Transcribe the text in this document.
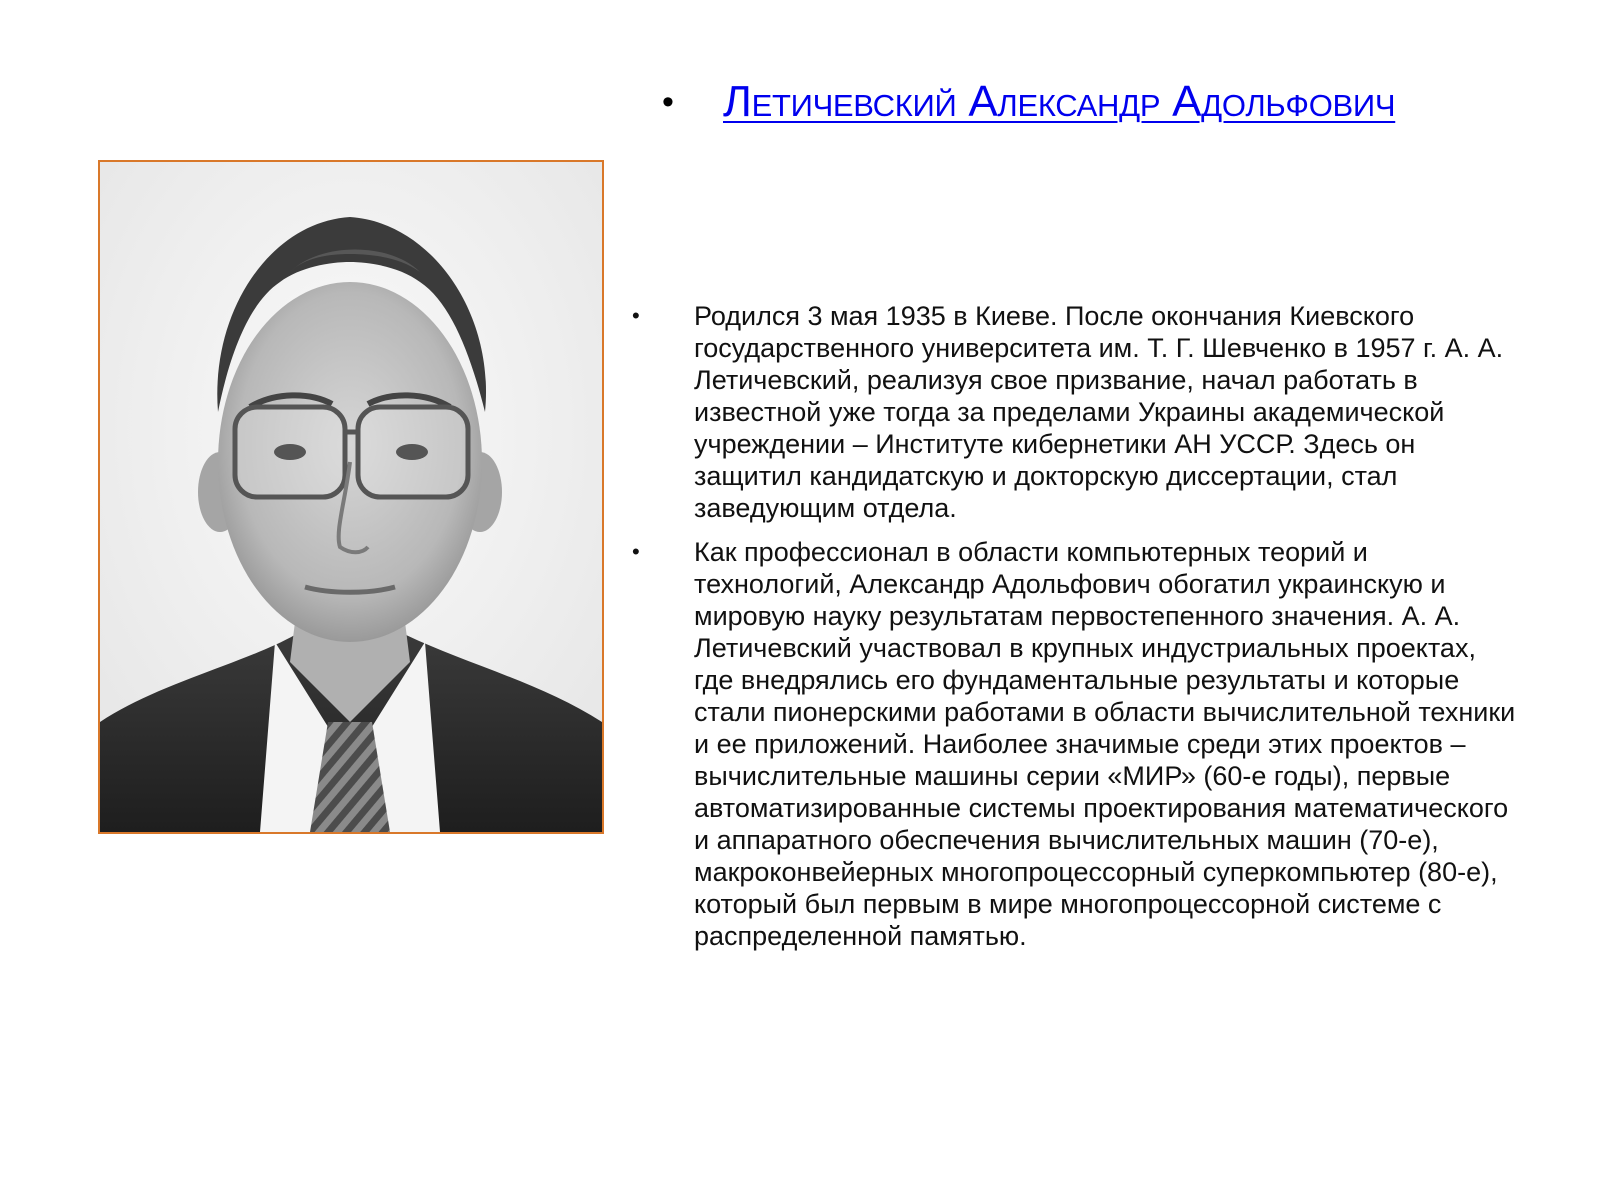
• Летичевский Александр Адольфович
• Родился 3 мая 1935 в Киеве. После окончания Киевского государственного университета им. Т. Г. Шевченко в 1957 г. А. А. Летичевский, реализуя свое призвание, начал работать в известной уже тогда за пределами Украины академической учреждении – Институте кибернетики АН УССР. Здесь он защитил кандидатскую и докторскую диссертации, стал заведующим отдела.
• Как профессионал в области компьютерных теорий и технологий, Александр Адольфович обогатил украинскую и мировую науку результатам первостепенного значения. А. А. Летичевский участвовал в крупных индустриальных проектах, где внедрялись его фундаментальные результаты и которые стали пионерскими работами в области вычислительной техники и ее приложений. Наиболее значимые среди этих проектов – вычислительные машины серии «МИР» (60-е годы), первые автоматизированные системы проектирования математического и аппаратного обеспечения вычислительных машин (70-е), макроконвейерных многопроцессорный суперкомпьютер (80-е), который был первым в мире многопроцессорной системе с распределенной памятью.
